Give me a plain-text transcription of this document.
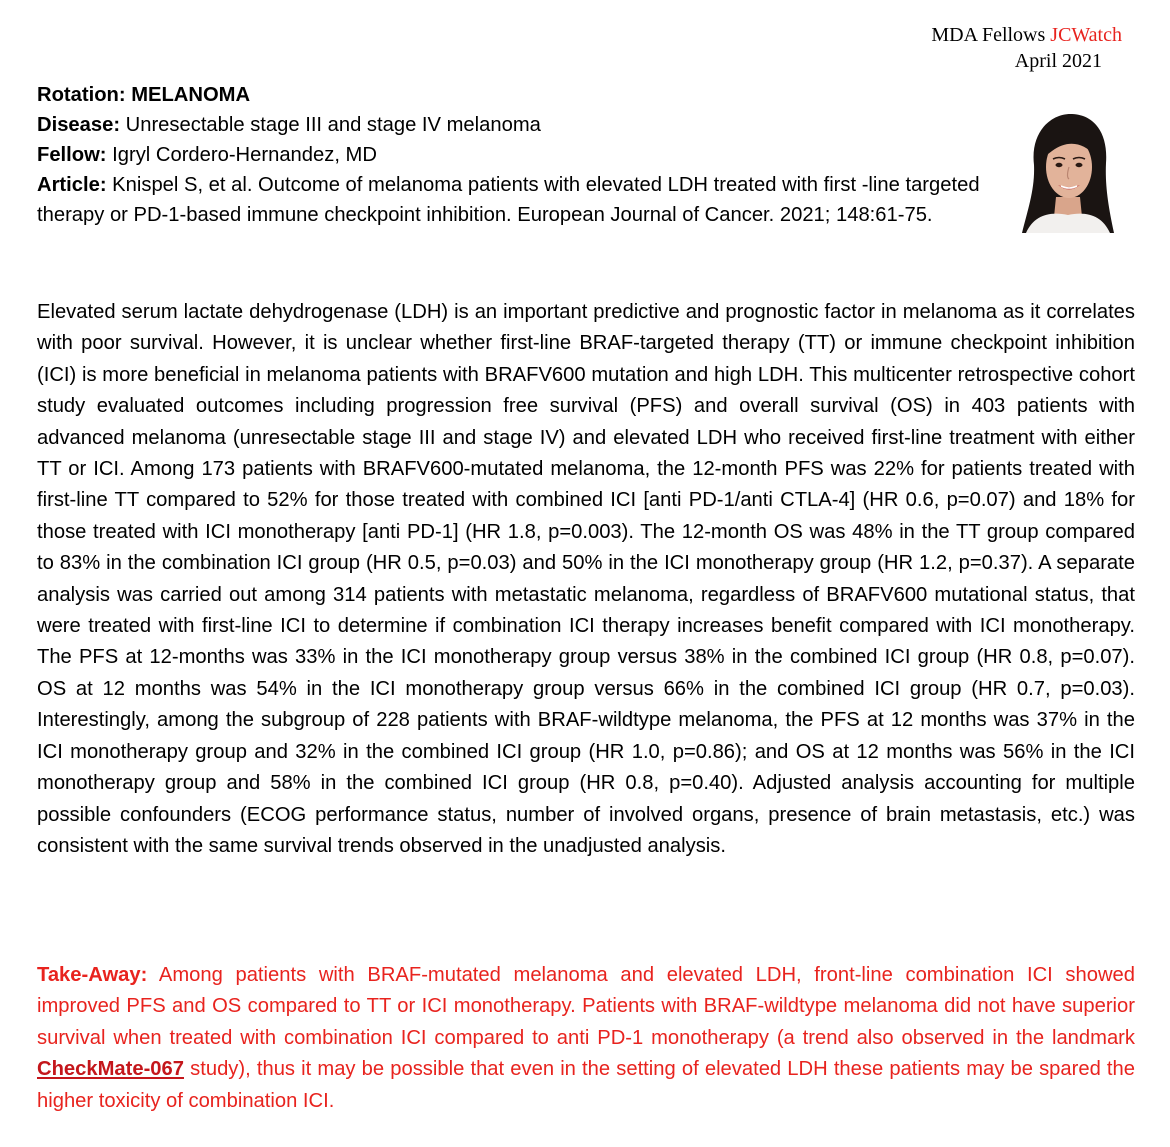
MDA Fellows JCWatch
April 2021
Rotation: MELANOMA
Disease: Unresectable stage III and stage IV melanoma
Fellow: Igryl Cordero-Hernandez, MD
Article: Knispel S, et al. Outcome of melanoma patients with elevated LDH treated with first -line targeted therapy or PD-1-based immune checkpoint inhibition. European Journal of Cancer. 2021; 148:61-75.

Elevated serum lactate dehydrogenase (LDH) is an important predictive and prognostic factor in melanoma as it correlates with poor survival. However, it is unclear whether first-line BRAF-targeted therapy (TT) or immune checkpoint inhibition (ICI) is more beneficial in melanoma patients with BRAFV600 mutation and high LDH. This multicenter retrospective cohort study evaluated outcomes including progression free survival (PFS) and overall survival (OS) in 403 patients with advanced melanoma (unresectable stage III and stage IV) and elevated LDH who received first-line treatment with either TT or ICI. Among 173 patients with BRAFV600-mutated melanoma, the 12-month PFS was 22% for patients treated with first-line TT compared to 52% for those treated with combined ICI [anti PD-1/anti CTLA-4] (HR 0.6, p=0.07) and 18% for those treated with ICI monotherapy [anti PD-1] (HR 1.8, p=0.003). The 12-month OS was 48% in the TT group compared to 83% in the combination ICI group (HR 0.5, p=0.03) and 50% in the ICI monotherapy group (HR 1.2, p=0.37). A separate analysis was carried out among 314 patients with metastatic melanoma, regardless of BRAFV600 mutational status, that were treated with first-line ICI to determine if combination ICI therapy increases benefit compared with ICI monotherapy. The PFS at 12-months was 33% in the ICI monotherapy group versus 38% in the combined ICI group (HR 0.8, p=0.07). OS at 12 months was 54% in the ICI monotherapy group versus 66% in the combined ICI group (HR 0.7, p=0.03). Interestingly, among the subgroup of 228 patients with BRAF-wildtype melanoma, the PFS at 12 months was 37% in the ICI monotherapy group and 32% in the combined ICI group (HR 1.0, p=0.86); and OS at 12 months was 56% in the ICI monotherapy group and 58% in the combined ICI group (HR 0.8, p=0.40). Adjusted analysis accounting for multiple possible confounders (ECOG performance status, number of involved organs, presence of brain metastasis, etc.) was consistent with the same survival trends observed in the unadjusted analysis.

Take-Away: Among patients with BRAF-mutated melanoma and elevated LDH, front-line combination ICI showed improved PFS and OS compared to TT or ICI monotherapy. Patients with BRAF-wildtype melanoma did not have superior survival when treated with combination ICI compared to anti PD-1 monotherapy (a trend also observed in the landmark CheckMate-067 study), thus it may be possible that even in the setting of elevated LDH these patients may be spared the higher toxicity of combination ICI.
